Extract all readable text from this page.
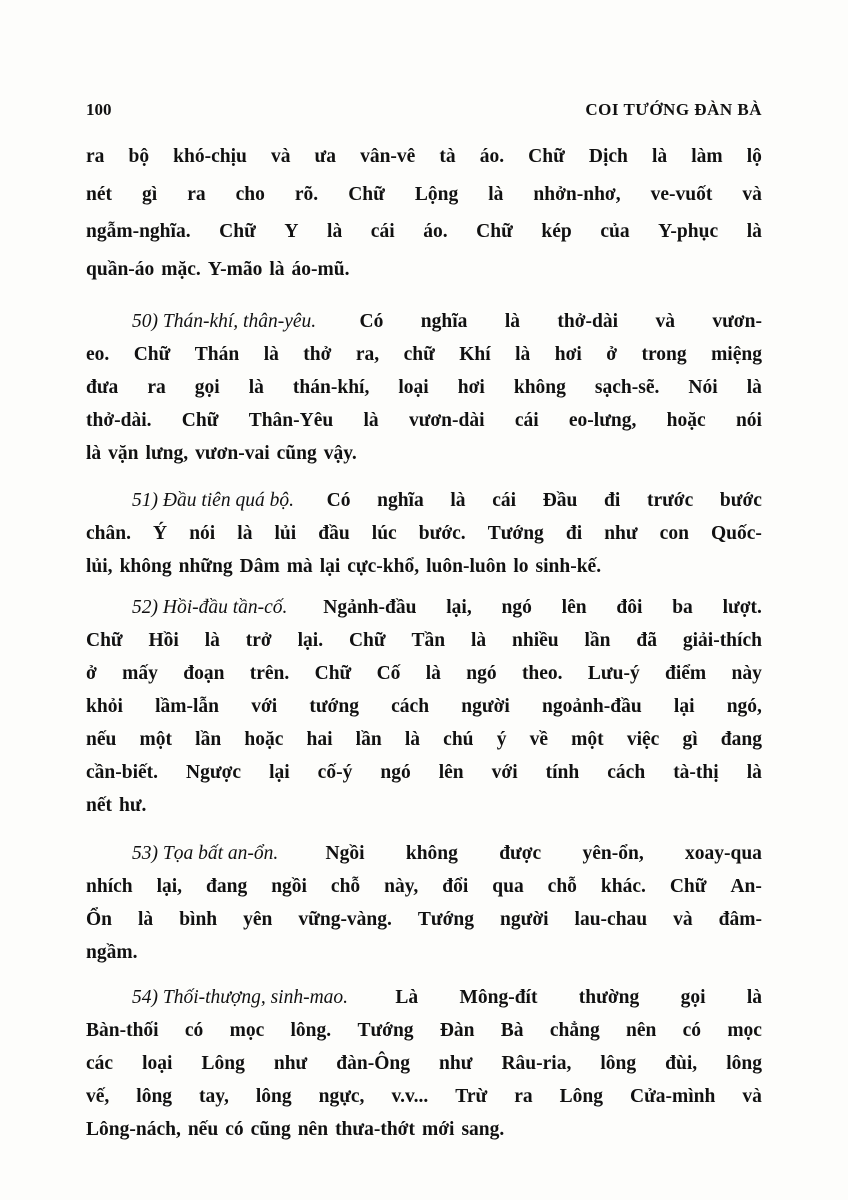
100	COI TƯỚNG ĐÀN BÀ
ra bộ khó-chịu và ưa vân-vê tà áo. Chữ Dịch là làm lộ
nét gì ra cho rõ. Chữ Lộng là nhởn-nhơ, ve-vuốt và
ngẫm-nghĩa. Chữ Y là cái áo. Chữ kép của Y-phục là
quần-áo mặc. Y-mão là áo-mũ.
50) Thán-khí, thân-yêu. Có nghĩa là thở-dài và vươn-
eo. Chữ Thán là thở ra, chữ Khí là hơi ở trong miệng
đưa ra gọi là thán-khí, loại hơi không sạch-sẽ. Nói là
thở-dài. Chữ Thân-Yêu là vươn-dài cái eo-lưng, hoặc nói
là vặn lưng, vươn-vai cũng vậy.
51) Đầu tiên quá bộ. Có nghĩa là cái Đầu đi trước bước
chân. Ý nói là lủi đầu lúc bước. Tướng đi như con Quốc-
lủi, không những Dâm mà lại cực-khổ, luôn-luôn lo sinh-kế.
52) Hồi-đầu tần-cố. Ngảnh-đầu lại, ngó lên đôi ba lượt.
Chữ Hồi là trở lại. Chữ Tần là nhiều lần đã giải-thích
ở mấy đoạn trên. Chữ Cố là ngó theo. Lưu-ý điểm này
khỏi lầm-lẫn với tướng cách người ngoảnh-đầu lại ngó,
nếu một lần hoặc hai lần là chú ý về một việc gì đang
cần-biết. Ngược lại cố-ý ngó lên với tính cách tà-thị là
nết hư.
53) Tọa bất an-ổn. Ngồi không được yên-ổn, xoay-qua
nhích lại, đang ngồi chỗ này, đổi qua chỗ khác. Chữ An-
Ổn là bình yên vững-vàng. Tướng người lau-chau và đâm-
ngầm.
54) Thối-thượng, sinh-mao. Là Mông-đít thường gọi là
Bàn-thối có mọc lông. Tướng Đàn Bà chẳng nên có mọc
các loại Lông như đàn-Ông như Râu-ria, lông đùi, lông
vế, lông tay, lông ngực, v.v... Trừ ra Lông Cửa-mình và
Lông-nách, nếu có cũng nên thưa-thớt mới sang.
